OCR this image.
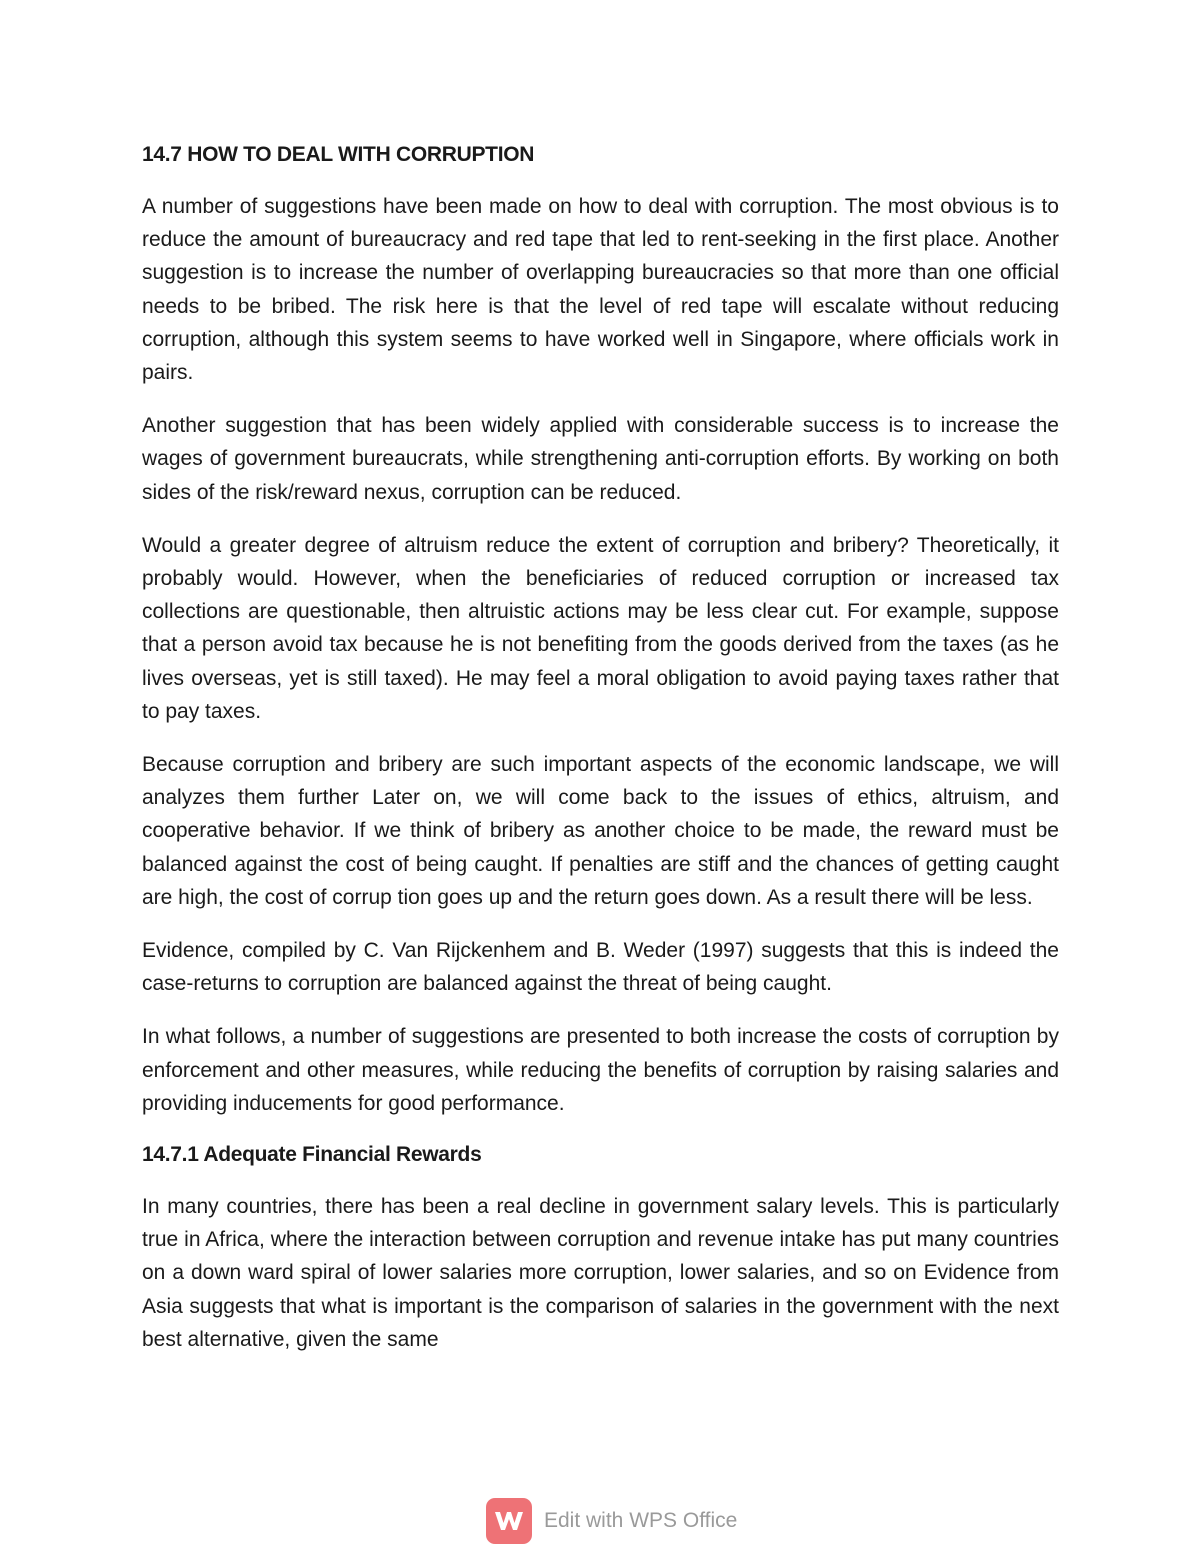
14.7 HOW TO DEAL WITH CORRUPTION

A number of suggestions have been made on how to deal with corruption. The most obvious is to reduce the amount of bureaucracy and red tape that led to rent-seeking in the first place. Another suggestion is to increase the number of overlapping bureaucracies so that more than one official needs to be bribed. The risk here is that the level of red tape will escalate without reducing corruption, although this system seems to have worked well in Singapore, where officials work in pairs.

Another suggestion that has been widely applied with considerable success is to increase the wages of government bureaucrats, while strengthening anti-corruption efforts. By working on both sides of the risk/reward nexus, corruption can be reduced.

Would a greater degree of altruism reduce the extent of corruption and bribery? Theoretically, it probably would. However, when the beneficiaries of reduced corruption or increased tax collections are questionable, then altruistic actions may be less clear cut. For example, suppose that a person avoid tax because he is not benefiting from the goods derived from the taxes (as he lives overseas, yet is still taxed). He may feel a moral obligation to avoid paying taxes rather that to pay taxes.

Because corruption and bribery are such important aspects of the economic landscape, we will analyzes them further Later on, we will come back to the issues of ethics, altruism, and cooperative behavior. If we think of bribery as another choice to be made, the reward must be balanced against the cost of being caught. If penalties are stiff and the chances of getting caught are high, the cost of corrup tion goes up and the return goes down. As a result there will be less.

Evidence, compiled by C. Van Rijckenhem and B. Weder (1997) suggests that this is indeed the case-returns to corruption are balanced against the threat of being caught.

In what follows, a number of suggestions are presented to both increase the costs of corruption by enforcement and other measures, while reducing the benefits of corruption by raising salaries and providing inducements for good performance.

14.7.1 Adequate Financial Rewards

In many countries, there has been a real decline in government salary levels. This is particularly true in Africa, where the interaction between corruption and revenue intake has put many countries on a down ward spiral of lower salaries more corruption, lower salaries, and so on Evidence from Asia suggests that what is important is the comparison of salaries in the government with the next best alternative, given the same

Edit with WPS Office
